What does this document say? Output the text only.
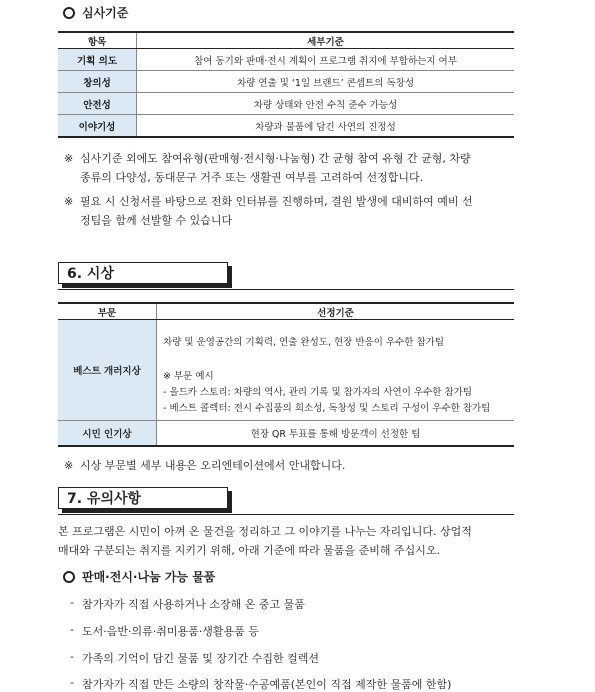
심사기준
항목	세부기준
기획 의도	참여 동기와 판매·전시 계획이 프로그램 취지에 부합하는지 여부
창의성	차량 연출 및 ‘1일 브랜드’ 콘셉트의 독창성
안전성	차량 상태와 안전 수칙 준수 가능성
이야기성	차량과 물품에 담긴 사연의 진정성
※ 심사기준 외에도 참여유형(판매형·전시형·나눔형) 간 균형 참여 유형 간 균형, 차량
종류의 다양성, 동대문구 거주 또는 생활권 여부를 고려하여 선정합니다.
※ 필요 시 신청서를 바탕으로 전화 인터뷰를 진행하며, 결원 발생에 대비하여 예비 선
정팀을 함께 선발할 수 있습니다
6. 시상
부문	선정기준
베스트 개러지상	차량 및 운영공간의 기획력, 연출 완성도, 현장 반응이 우수한 참가팀
※ 부문 예시
- 올드카 스토리: 차량의 역사, 관리 기록 및 참가자의 사연이 우수한 참가팀
- 베스트 콜렉터: 전시 수집품의 희소성, 독창성 및 스토리 구성이 우수한 참가팀

시민 인기상	현장 QR 투표를 통해 방문객이 선정한 팀
※ 시상 부문별 세부 내용은 오리엔테이션에서 안내합니다.
7. 유의사항
본 프로그램은 시민이 아껴 온 물건을 정리하고 그 이야기를 나누는 자리입니다. 상업적
매대와 구분되는 취지를 지키기 위해, 아래 기준에 따라 물품을 준비해 주십시오.
판매·전시·나눔 가능 물품
- 참가자가 직접 사용하거나 소장해 온 중고 물품
- 도서·음반·의류·취미용품·생활용품 등
- 가족의 기억이 담긴 물품 및 장기간 수집한 컬렉션
- 참가자가 직접 만든 소량의 창작물·수공예품(본인이 직접 제작한 물품에 한함)
